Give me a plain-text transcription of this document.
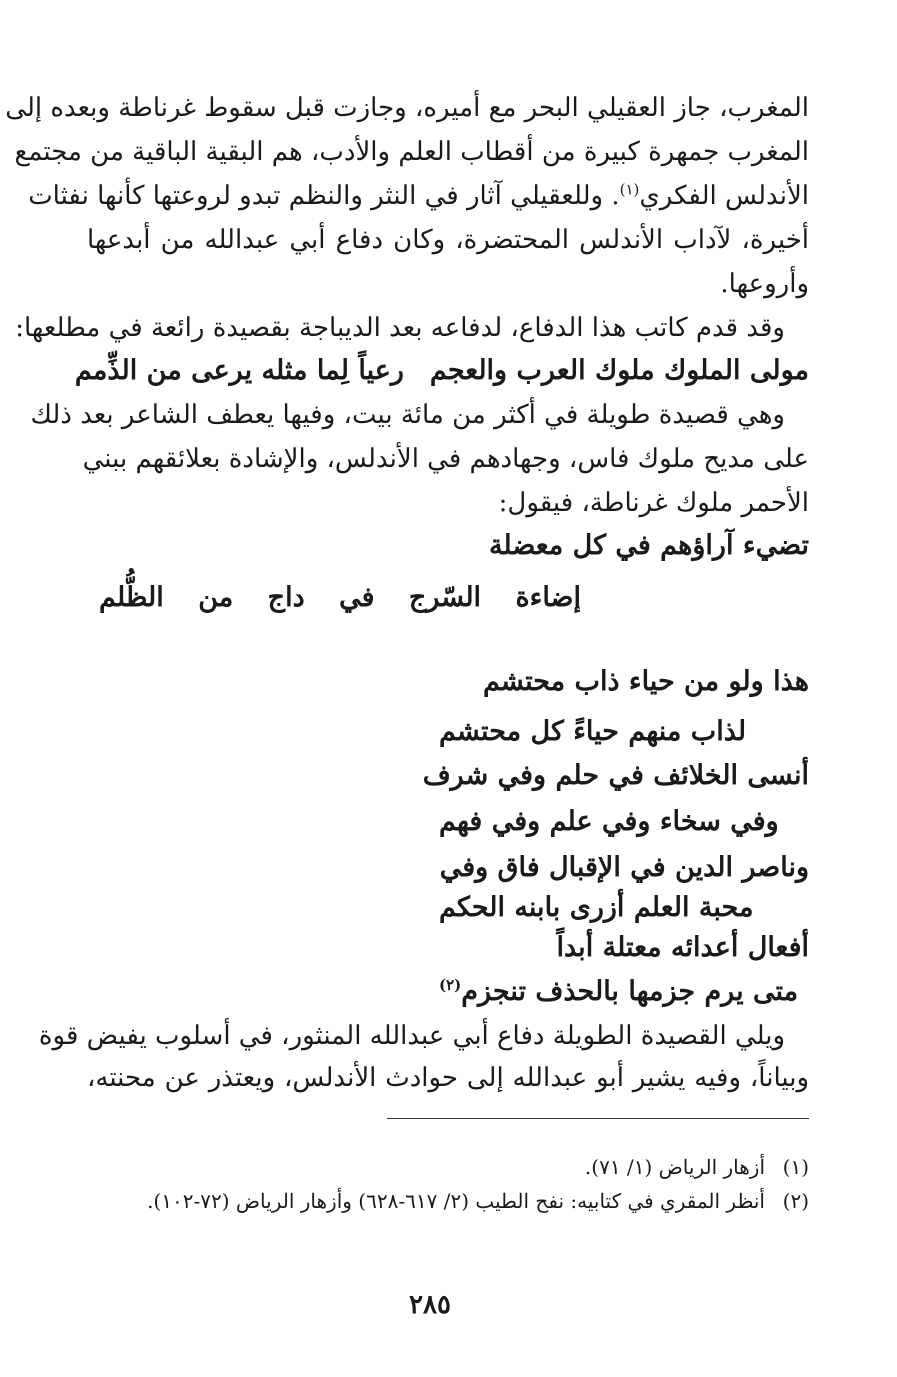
المغرب، جاز العقيلي البحر مع أميره، وجازت قبل سقوط غرناطة وبعده إلى
المغرب جمهرة كبيرة من أقطاب العلم والأدب، هم البقية الباقية من مجتمع
الأندلس الفكري$^{(١)}$. وللعقيلي آثار في النثر والنظم تبدو لروعتها كأنها نفثات
أخيرة، لآداب الأندلس المحتضرة، وكان دفاع أبي عبدالله من أبدعها
وأروعها.
وقد قدم كاتب هذا الدفاع، لدفاعه بعد الديباجة بقصيدة رائعة في مطلعها:
مولى الملوك ملوك العرب والعجمرعياً لِما مثله يرعى من الذِّمم
وهي قصيدة طويلة في أكثر من مائة بيت، وفيها يعطف الشاعر بعد ذلك
على مديح ملوك فاس، وجهادهم في الأندلس، والإشادة بعلائقهم ببني
الأحمر ملوك غرناطة، فيقول:
تضيء آراؤهم في كل معضلة
إضاءة السّرج في داج من الظُّلم
هذا ولو من حياء ذاب محتشم
لذاب منهم حياءً كل محتشم
أنسى الخلائف في حلم وفي شرف
وفي سخاء وفي علم وفي فهم
وناصر الدين في الإقبال فاق وفي
محبة العلم أزرى بابنه الحكم
أفعال أعدائه معتلة أبداً
متى يرم جزمها بالحذف تنجزم$^{(٢)}$
ويلي القصيدة الطويلة دفاع أبي عبدالله المنثور، في أسلوب يفيض قوة
وبياناً، وفيه يشير أبو عبدالله إلى حوادث الأندلس، ويعتذر عن محنته،
(١)أزهار الرياض (١/ ٧١).
(٢)أنظر المقري في كتابيه: نفح الطيب (٢/ ٦١٧-٦٢٨) وأزهار الرياض (٧٢-١٠٢).
٢٨٥
